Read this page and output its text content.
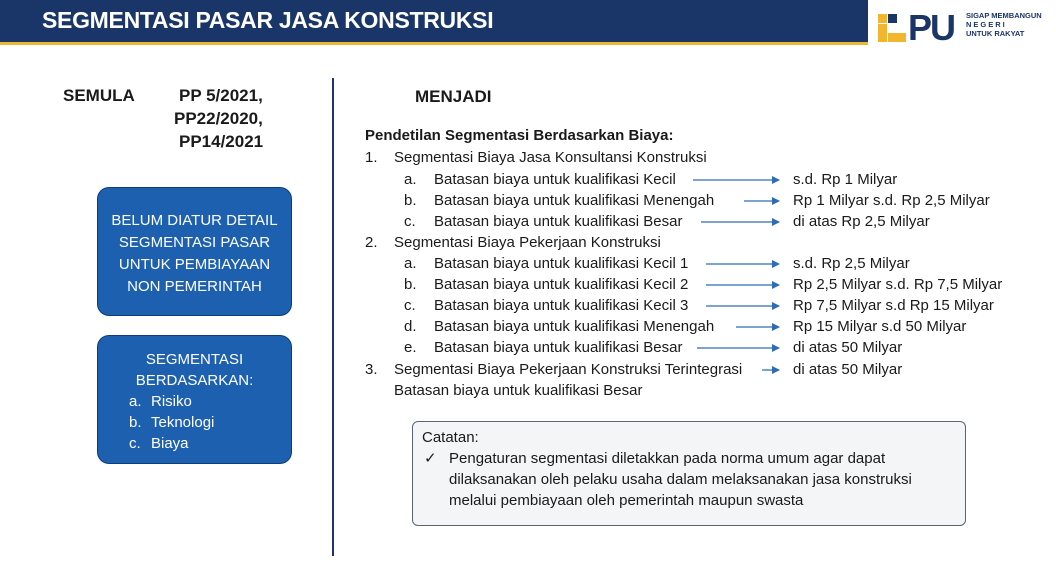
SEGMENTASI PASAR JASA KONSTRUKSI	PU SIGAP MEMBANGUN
NEGERI
UNTUK RAKYAT
SEMULA	PP 5/2021,
PP22/2020,
PP14/2021
BELUM DIATUR DETAIL
SEGMENTASI PASAR
UNTUK PEMBIAYAAN
NON PEMERINTAH
SEGMENTASI
BERDASARKAN:
a. Risiko
b. Teknologi
c. Biaya
MENJADI
Pendetilan Segmentasi Berdasarkan Biaya:
1. Segmentasi Biaya Jasa Konsultansi Konstruksi
a. Batasan biaya untuk kualifikasi Kecil	s.d. Rp 1 Milyar
b. Batasan biaya untuk kualifikasi Menengah	Rp 1 Milyar s.d. Rp 2,5 Milyar
c. Batasan biaya untuk kualifikasi Besar	di atas Rp 2,5 Milyar
2. Segmentasi Biaya Pekerjaan Konstruksi
a. Batasan biaya untuk kualifikasi Kecil 1	s.d. Rp 2,5 Milyar
b. Batasan biaya untuk kualifikasi Kecil 2	Rp 2,5 Milyar s.d. Rp 7,5 Milyar
c. Batasan biaya untuk kualifikasi Kecil 3	Rp 7,5 Milyar s.d Rp 15 Milyar
d. Batasan biaya untuk kualifikasi Menengah	Rp 15 Milyar s.d 50 Milyar
e. Batasan biaya untuk kualifikasi Besar	di atas 50 Milyar
3. Segmentasi Biaya Pekerjaan Konstruksi Terintegrasi	di atas 50 Milyar
Batasan biaya untuk kualifikasi Besar
Catatan:
✓ Pengaturan segmentasi diletakkan pada norma umum agar dapat
dilaksanakan oleh pelaku usaha dalam melaksanakan jasa konstruksi
melalui pembiayaan oleh pemerintah maupun swasta
